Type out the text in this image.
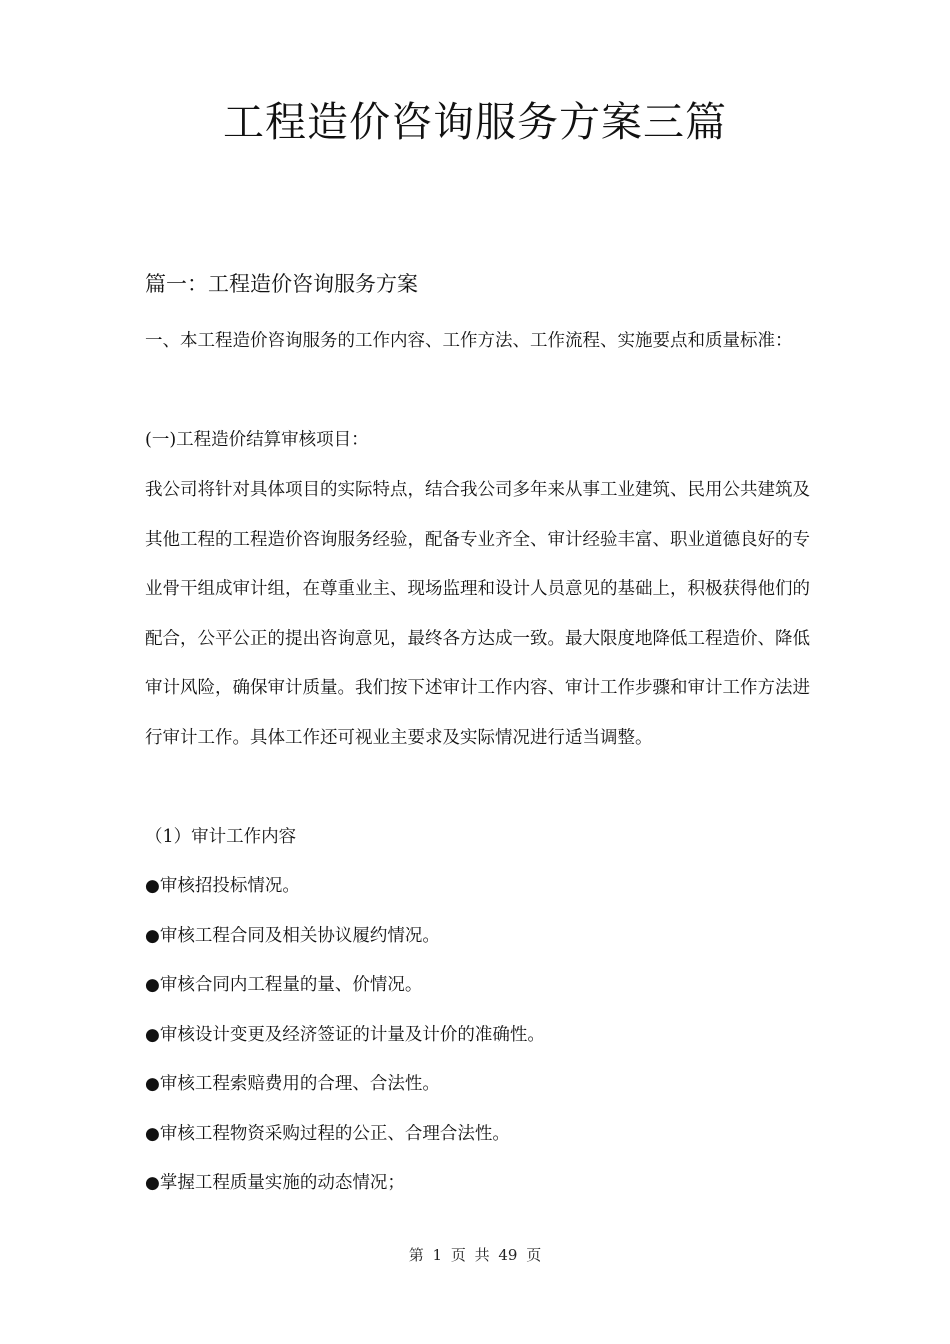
工程造价咨询服务方案三篇
篇一：工程造价咨询服务方案

一、本工程造价咨询服务的工作内容、工作方法、工作流程、实施要点和质量标准：

(一)工程造价结算审核项目：

我公司将针对具体项目的实际特点，结合我公司多年来从事工业建筑、民用公共建筑及其他工程的工程造价咨询服务经验，配备专业齐全、审计经验丰富、职业道德良好的专业骨干组成审计组，在尊重业主、现场监理和设计人员意见的基础上，积极获得他们的配合，公平公正的提出咨询意见，最终各方达成一致。最大限度地降低工程造价、降低审计风险，确保审计质量。我们按下述审计工作内容、审计工作步骤和审计工作方法进行审计工作。具体工作还可视业主要求及实际情况进行适当调整。

（1）审计工作内容

●审核招投标情况。
●审核工程合同及相关协议履约情况。
●审核合同内工程量的量、价情况。
●审核设计变更及经济签证的计量及计价的准确性。
●审核工程索赔费用的合理、合法性。
●审核工程物资采购过程的公正、合理合法性。
●掌握工程质量实施的动态情况；
第 1 页 共 49 页
